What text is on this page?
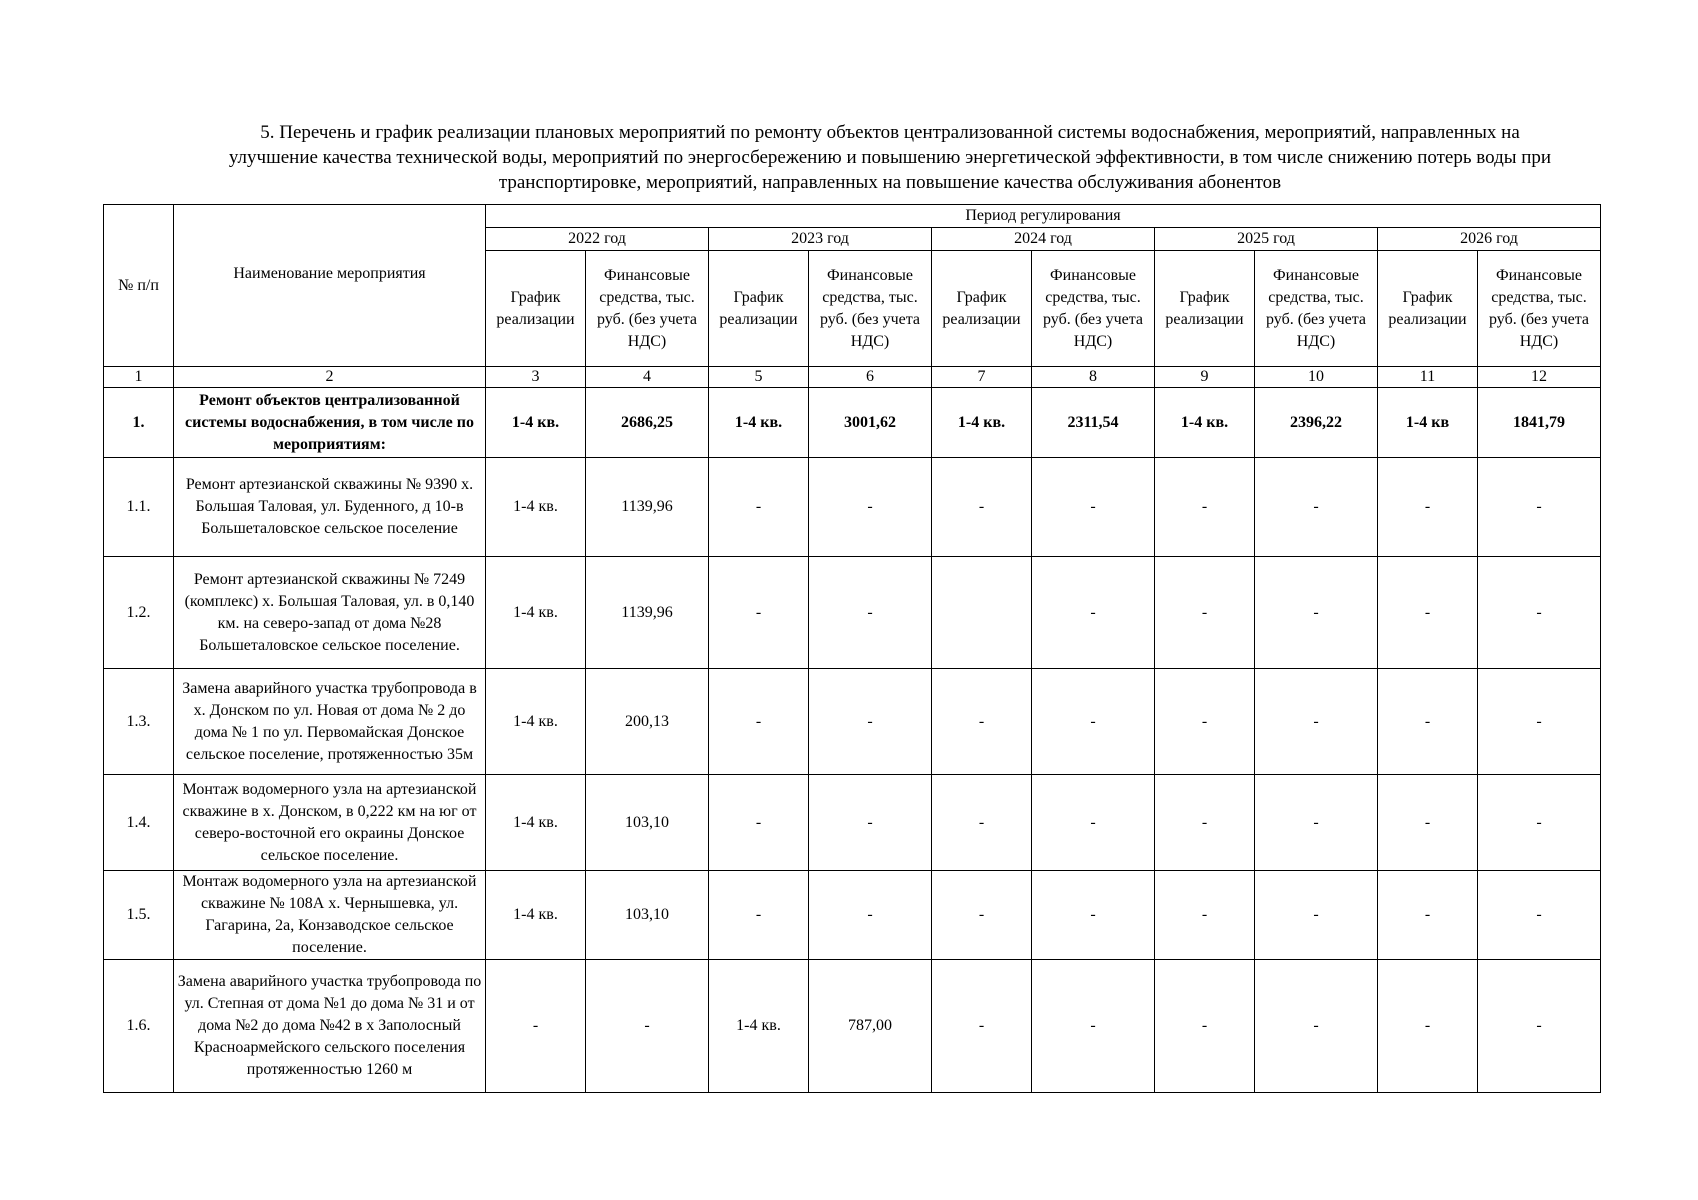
5. Перечень и график реализации плановых мероприятий по ремонту объектов централизованной системы водоснабжения, мероприятий, направленных на
улучшение качества технической воды, мероприятий по энергосбережению и повышению энергетической эффективности, в том числе снижению потерь воды при
транспортировке, мероприятий, направленных на повышение качества обслуживания абонентов
№ п/п	Наименование мероприятия	Период регулирования									
		2022 год		2023 год		2024 год		2025 год		2026 год	
		График реализации	Финансовые средства, тыс. руб. (без учета НДС)	График реализации	Финансовые средства, тыс. руб. (без учета НДС)	График реализации	Финансовые средства, тыс. руб. (без учета НДС)	График реализации	Финансовые средства, тыс. руб. (без учета НДС)	График реализации	Финансовые средства, тыс. руб. (без учета НДС)
1	2	3	4	5	6	7	8	9	10	11	12
1.	Ремонт объектов централизованной системы водоснабжения, в том числе по мероприятиям:	1-4 кв.	2686,25	1-4 кв.	3001,62	1-4 кв.	2311,54	1-4 кв.	2396,22	1-4 кв	1841,79
1.1.	Ремонт артезианской скважины № 9390 х. Большая Таловая, ул. Буденного, д 10-в Большеталовское сельское поселение	1-4 кв.	1139,96	-	-	-	-	-	-	-	-
1.2.	Ремонт артезианской скважины № 7249 (комплекс) х. Большая Таловая, ул. в 0,140 км. на северо-запад от дома №28 Большеталовское сельское поселение.	1-4 кв.	1139,96	-	-		-	-	-	-	-
1.3.	Замена аварийного участка трубопровода в х. Донском по ул. Новая от дома № 2 до дома № 1 по ул. Первомайская Донское сельское поселение, протяженностью 35м	1-4 кв.	200,13	-	-	-	-	-	-	-	-
1.4.	Монтаж водомерного узла на артезианской скважине в х. Донском, в 0,222 км на юг от северо-восточной его окраины Донское сельское поселение.	1-4 кв.	103,10	-	-	-	-	-	-	-	-
1.5.	Монтаж водомерного узла на артезианской скважине № 108А х. Чернышевка, ул. Гагарина, 2а, Конзаводское сельское поселение.	1-4 кв.	103,10	-	-	-	-	-	-	-	-
1.6.	Замена аварийного участка трубопровода по ул. Степная от дома №1 до дома № 31 и от дома №2 до дома №42 в х Заполосный Красноармейского сельского поселения протяженностью 1260 м	-	-	1-4 кв.	787,00	-	-	-	-	-	-
